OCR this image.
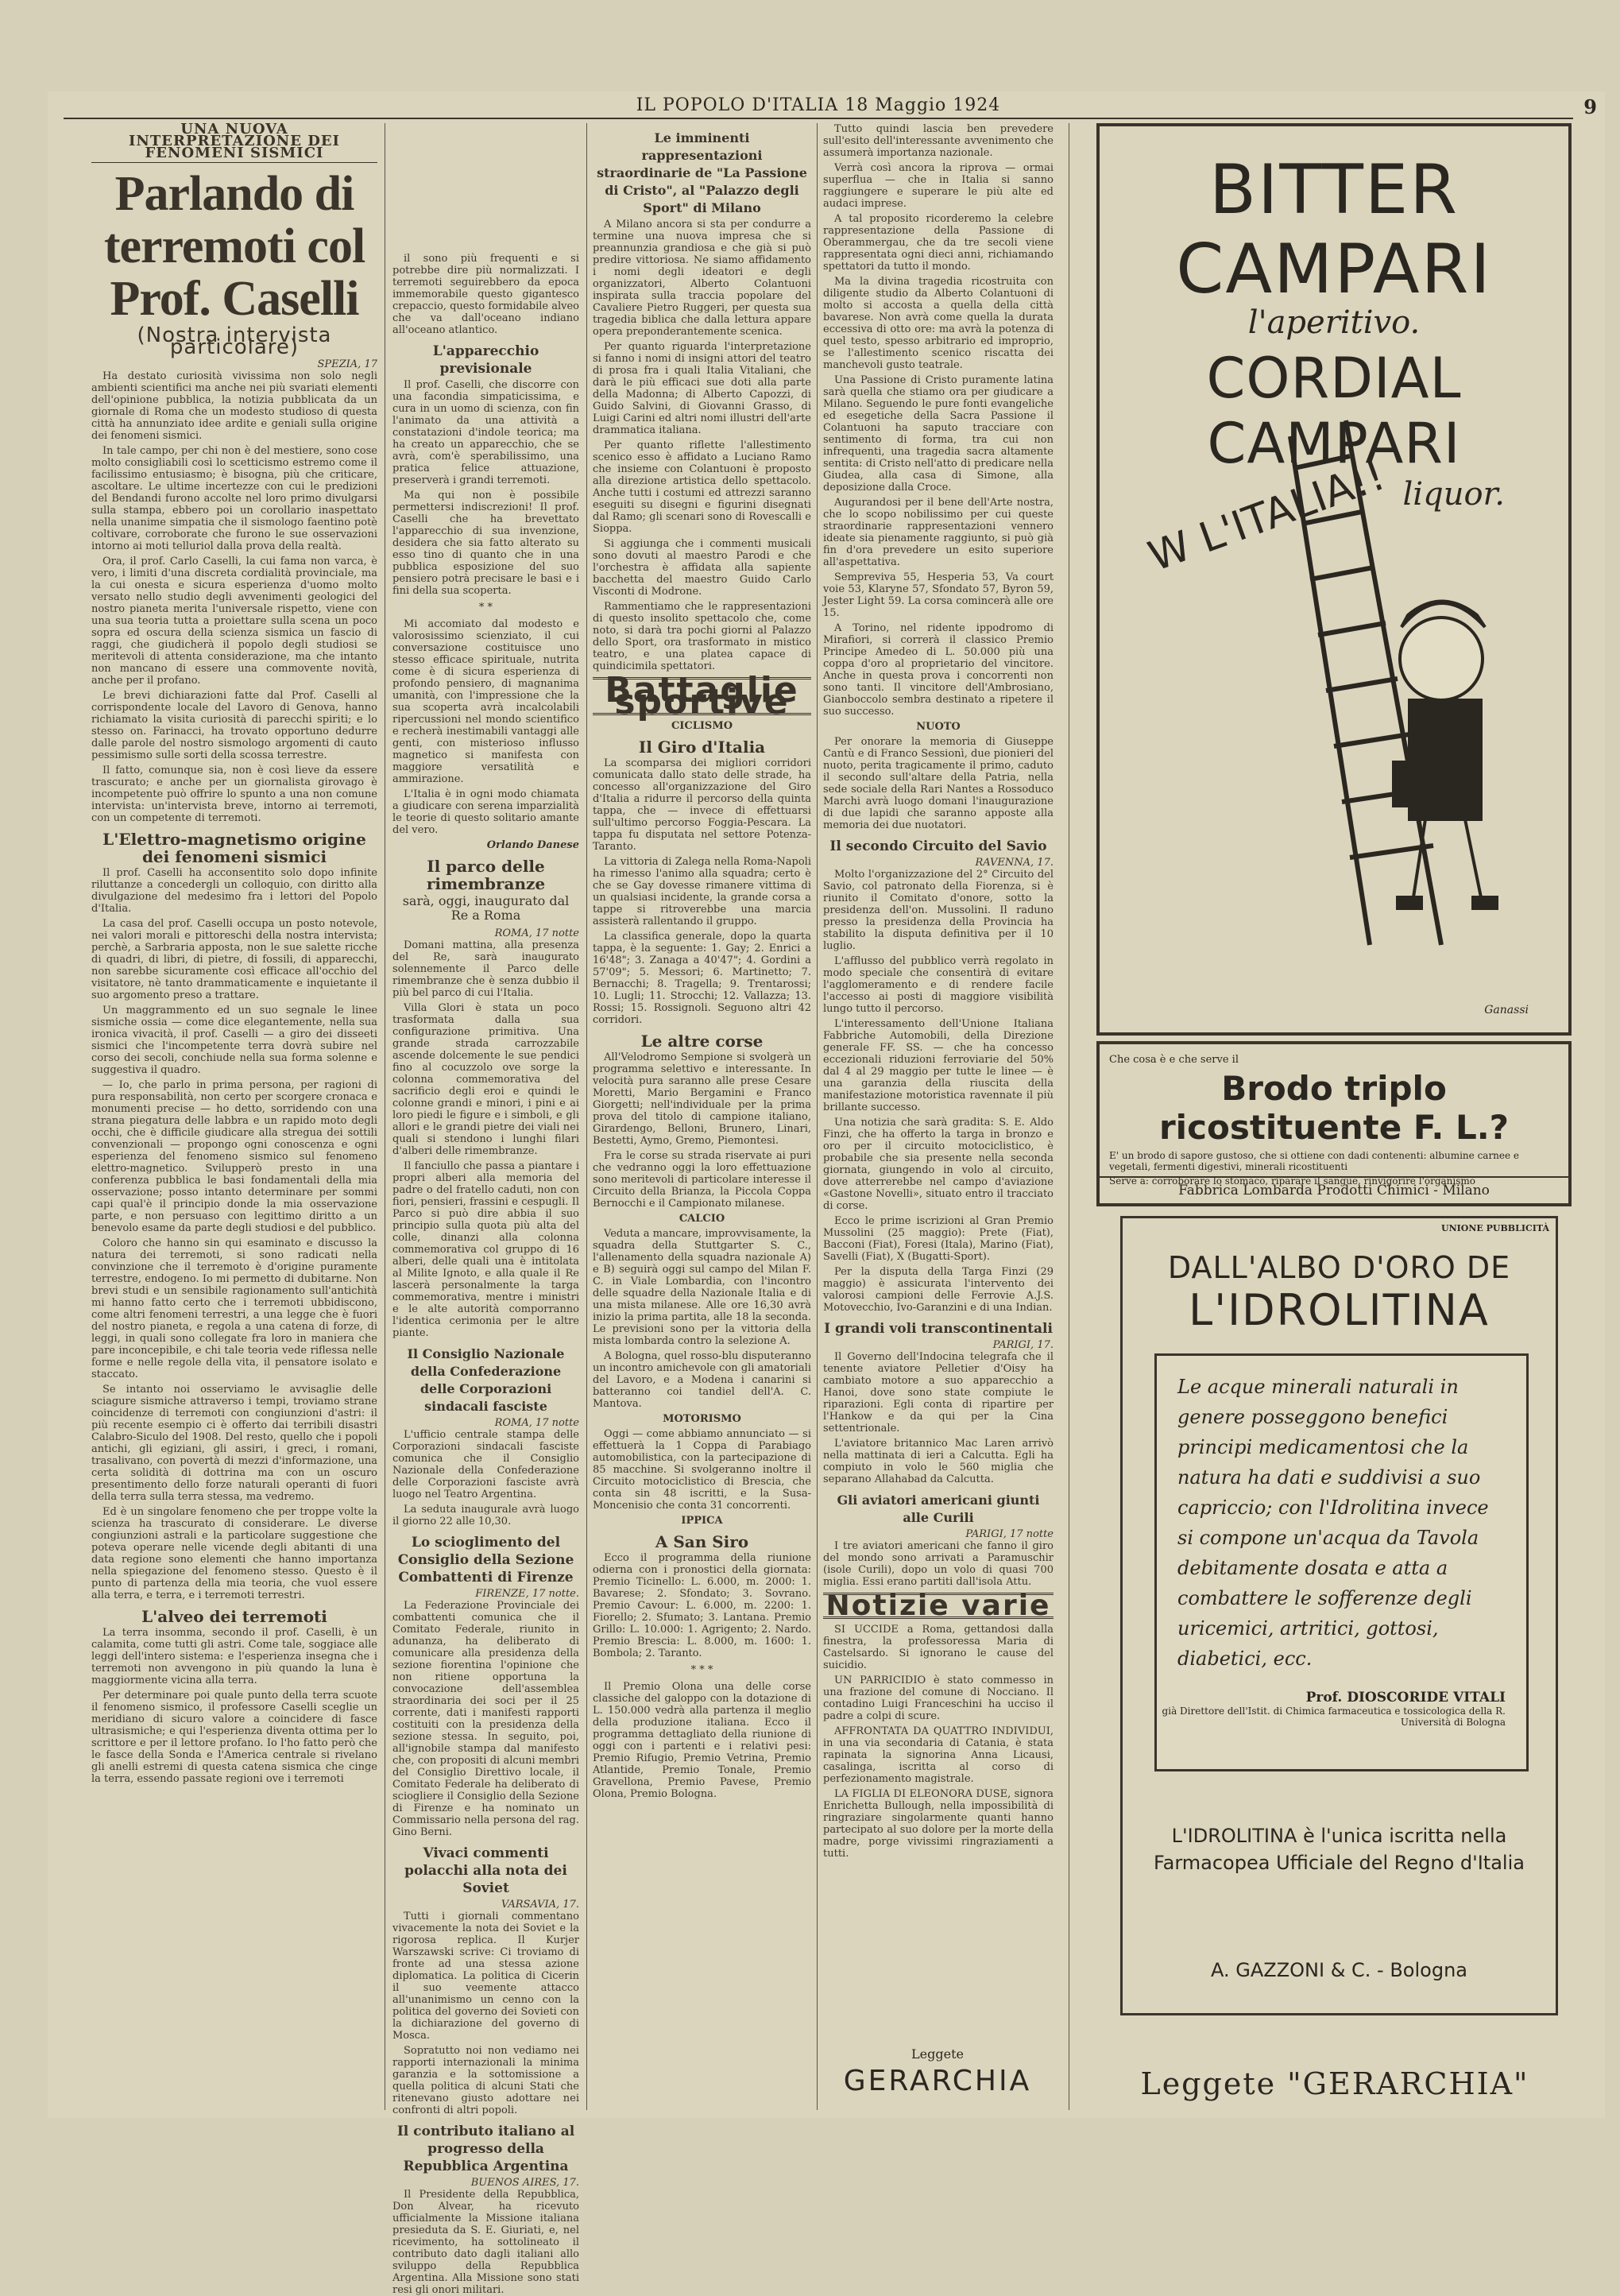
IL POPOLO D'ITALIA 18 Maggio 1924	9
UNA NUOVA INTERPRETAZIONE DEI FENOMENI SISMICI
Parlando di terremoti col Prof. Caselli
(Nostra intervista particolare)
SPEZIA, 17

Ha destato curiosità vivissima non solo negli ambienti scientifici ma anche nei più svariati elementi dell'opinione pubblica, la notizia pubblicata da un giornale di Roma che un modesto studioso di questa città ha annunziato idee ardite e geniali sulla origine dei fenomeni sismici.

In tale campo, per chi non è del mestiere, sono cose molto consigliabili così lo scetticismo estremo come il facilissimo entusiasmo; è bisogna, più che criticare, ascoltare. Le ultime incertezze con cui le predizioni del Bendandi furono accolte nel loro primo divulgarsi sulla stampa, ebbero poi un corollario inaspettato nella unanime simpatia che il sismologo faentino potè coltivare, corroborate che furono le sue osservazioni intorno ai moti telluriol dalla prova della realtà.

Ora, il prof. Carlo Caselli, la cui fama non varca, è vero, i limiti d'una discreta cordialità provinciale, ma la cui onesta e sicura esperienza d'uomo molto versato nello studio degli avvenimenti geologici del nostro pianeta merita l'universale rispetto, viene con una sua teoria tutta a proiettare sulla scena un poco sopra ed oscura della scienza sismica un fascio di raggi, che giudicherà il popolo degli studiosi se meritevoli di attenta considerazione, ma che intanto non mancano di essere una commovente novità, anche per il profano.

Le brevi dichiarazioni fatte dal Prof. Caselli al corrispondente locale del Lavoro di Genova, hanno richiamato la visita curiosità di parecchi spiriti; e lo stesso on. Farinacci, ha trovato opportuno dedurre dalle parole del nostro sismologo argomenti di cauto pessimismo sulle sorti della scossa terrestre.

Il fatto, comunque sia, non è così lieve da essere trascurato; e anche per un giornalista girovago è incompetente può offrire lo spunto a una non comune intervista: un'intervista breve, intorno ai terremoti, con un competente di terremoti.

L'Elettro-magnetismo origine dei fenomeni sismici

Il prof. Caselli ha acconsentito solo dopo infinite riluttanze a concedergli un colloquio, con diritto alla divulgazione del medesimo fra i lettori del Popolo d'Italia.

La casa del prof. Caselli occupa un posto notevole, nei valori morali e pittoreschi della nostra intervista; perchè, a Sarbraria apposta, non le sue salette ricche di quadri, di libri, di pietre, di fossili, di apparecchi, non sarebbe sicuramente così efficace all'occhio del visitatore, nè tanto drammaticamente e inquietante il suo argomento preso a trattare.

Un maggrammento ed un suo segnale le linee sismiche ossia — come dice elegantemente, nella sua ironica vivacità, il prof. Caselli — a giro dei disseeti sismici che l'incompetente terra dovrà subire nel corso dei secoli, conchiude nella sua forma solenne e suggestiva il quadro.

— Io, che parlo in prima persona, per ragioni di pura responsabilità, non certo per scorgere cronaca e monumenti precise — ho detto, sorridendo con una strana piegatura delle labbra e un rapido moto degli occhi, che è difficile giudicare alla stregua dei sottili convenzionali — propongo ogni conoscenza e ogni esperienza del fenomeno sismico sul fenomeno elettro-magnetico. Svilupperò presto in una conferenza pubblica le basi fondamentali della mia osservazione; posso intanto determinare per sommi capi qual'è il principio donde la mia osservazione parte, e non persuaso con legittimo diritto a un benevolo esame da parte degli studiosi e del pubblico.

Coloro che hanno sin qui esaminato e discusso la natura dei terremoti, si sono radicati nella convinzione che il terremoto è d'origine puramente terrestre, endogeno. Io mi permetto di dubitarne. Non brevi studi e un sensibile ragionamento sull'antichità mi hanno fatto certo che i terremoti ubbidiscono, come altri fenomeni terrestri, a una legge che è fuori del nostro pianeta, e regola a una catena di forze, di leggi, in quali sono collegate fra loro in maniera che pare inconcepibile, e chi tale teoria vede riflessa nelle forme e nelle regole della vita, il pensatore isolato e staccato.

Se intanto noi osserviamo le avvisaglie delle sciagure sismiche attraverso i tempi, troviamo strane coincidenze di terremoti con congiunzioni d'astri: il più recente esempio ci è offerto dai terribili disastri Calabro-Siculo del 1908. Del resto, quello che i popoli antichi, gli egiziani, gli assiri, i greci, i romani, trasalivano, con povertà di mezzi d'informazione, una certa solidità di dottrina ma con un oscuro presentimento dello forze naturali operanti di fuori della terra sulla terra stessa, ma vedremo.

Ed è un singolare fenomeno che per troppe volte la scienza ha trascurato di considerare. Le diverse congiunzioni astrali e la particolare suggestione che poteva operare nelle vicende degli abitanti di una data regione sono elementi che hanno importanza nella spiegazione del fenomeno stesso. Questo è il punto di partenza della mia teoria, che vuol essere alla terra, e terra, e i terremoti terrestri.

L'alveo dei terremoti

La terra insomma, secondo il prof. Caselli, è un calamita, come tutti gli astri. Come tale, soggiace alle leggi dell'intero sistema: e l'esperienza insegna che i terremoti non avvengono in più quando la luna è maggiormente vicina alla terra.

Per determinare poi quale punto della terra scuote il fenomeno sismico, il professore Caselli sceglie un meridiano di sicuro valore a coincidere di fasce ultrasismiche; e qui l'esperienza diventa ottima per lo scrittore e per il lettore profano. Io l'ho fatto però che le fasce della Sonda e l'America centrale si rivelano gli anelli estremi di questa catena sismica che cinge la terra, essendo passate regioni ove i terremoti

il sono più frequenti e si potrebbe dire più normalizzati. I terremoti seguirebbero da epoca immemorabile questo gigantesco crepaccio, questo formidabile alveo che va dall'oceano indiano all'oceano atlantico.

L'apparecchio previsionale

Il prof. Caselli, che discorre con una facondia simpaticissima, e cura in un uomo di scienza, con fin l'animato da una attività a constatazioni d'indole teorica; ma ha creato un apparecchio, che se avrà, com'è sperabilissimo, una pratica felice attuazione, preserverà i grandi terremoti.

Ma qui non è possibile permettersi indiscrezioni! Il prof. Caselli che ha brevettato l'apparecchio di sua invenzione, desidera che sia fatto alterato su esso tino di quanto che in una pubblica esposizione del suo pensiero potrà precisare le basi e i fini della sua scoperta.

* *

Mi accomiato dal modesto e valorosissimo scienziato, il cui conversazione costituisce uno stesso efficace spirituale, nutrita come è di sicura esperienza di profondo pensiero, di magnanima umanità, con l'impressione che la sua scoperta avrà incalcolabili ripercussioni nel mondo scientifico e recherà inestimabili vantaggi alle genti, con misterioso influsso magnetico si manifesta con maggiore versatilità e ammirazione.

L'Italia è in ogni modo chiamata a giudicare con serena imparzialità le teorie di questo solitario amante del vero.

Orlando Danese
Il parco delle rimembranze
sarà, oggi, inaugurato dal Re a Roma
ROMA, 17 notte

Domani mattina, alla presenza del Re, sarà inaugurato solennemente il Parco delle rimembranze che è senza dubbio il più bel parco di cui l'Italia.

Villa Glori è stata un poco trasformata dalla sua configurazione primitiva. Una grande strada carrozzabile ascende dolcemente le sue pendici fino al cocuzzolo ove sorge la colonna commemorativa del sacrificio degli eroi e quindi le colonne grandi e minori, i pini e ai loro piedi le figure e i simboli, e gli allori e le grandi pietre dei viali nei quali si stendono i lunghi filari d'alberi delle rimembranze.

Il fanciullo che passa a piantare i propri alberi alla memoria del padre o del fratello caduti, non con fiori, pensieri, frassini e cespugli. Il Parco si può dire abbia il suo principio sulla quota più alta del colle, dinanzi alla colonna commemorativa col gruppo di 16 alberi, delle quali una è intitolata al Milite Ignoto, e alla quale il Re lascerà personalmente la targa commemorativa, mentre i ministri e le alte autorità comporranno l'identica cerimonia per le altre piante.

Il Consiglio Nazionale della Confederazione delle Corporazioni sindacali fasciste
ROMA, 17 notte

L'ufficio centrale stampa delle Corporazioni sindacali fasciste comunica che il Consiglio Nazionale della Confederazione delle Corporazioni fasciste avrà luogo nel Teatro Argentina.

La seduta inaugurale avrà luogo il giorno 22 alle 10,30.

Lo scioglimento del Consiglio della Sezione Combattenti di Firenze
FIRENZE, 17 notte.

La Federazione Provinciale dei combattenti comunica che il Comitato Federale, riunito in adunanza, ha deliberato di comunicare alla presidenza della sezione fiorentina l'opinione che non ritiene opportuna la convocazione dell'assemblea straordinaria dei soci per il 25 corrente, dati i manifesti rapporti costituiti con la presidenza della sezione stessa. In seguito, poi, all'ignobile stampa dal manifesto che, con propositi di alcuni membri del Consiglio Direttivo locale, il Comitato Federale ha deliberato di sciogliere il Consiglio della Sezione di Firenze e ha nominato un Commissario nella persona del rag. Gino Berni.

Vivaci commenti polacchi alla nota dei Soviet
VARSAVIA, 17.

Tutti i giornali commentano vivacemente la nota dei Soviet e la rigorosa replica. Il Kurjer Warszawski scrive: Ci troviamo di fronte ad una stessa azione diplomatica. La politica di Cicerin il suo veemente attacco all'unanimismo un cenno con la politica del governo dei Sovieti con la dichiarazione del governo di Mosca.

Sopratutto noi non vediamo nei rapporti internazionali la minima garanzia e la sottomissione a quella politica di alcuni Stati che ritenevano giusto adottare nei confronti di altri popoli.

Il contributo italiano al progresso della Repubblica Argentina
BUENOS AIRES, 17.

Il Presidente della Repubblica, Don Alvear, ha ricevuto ufficialmente la Missione italiana presieduta da S. E. Giuriati, e, nel ricevimento, ha sottolineato il contributo dato dagli italiani allo sviluppo della Repubblica Argentina. Alla Missione sono stati resi gli onori militari.

Le imminenti rappresentazioni straordinarie de "La Passione di Cristo", al "Palazzo degli Sport" di Milano

A Milano ancora si sta per condurre a termine una nuova impresa che si preannunzia grandiosa e che già si può predire vittoriosa. Ne siamo affidamento i nomi degli ideatori e degli organizzatori, Alberto Colantuoni inspirata sulla traccia popolare del Cavaliere Pietro Ruggeri, per questa sua tragedia biblica che dalla lettura appare opera preponderantemente scenica.

Per quanto riguarda l'interpretazione si fanno i nomi di insigni attori del teatro di prosa fra i quali Italia Vitaliani, che darà le più efficaci sue doti alla parte della Madonna; di Alberto Capozzi, di Guido Salvini, di Giovanni Grasso, di Luigi Carini ed altri nomi illustri dell'arte drammatica italiana.

Per quanto riflette l'allestimento scenico esso è affidato a Luciano Ramo che insieme con Colantuoni è proposto alla direzione artistica dello spettacolo. Anche tutti i costumi ed attrezzi saranno eseguiti su disegni e figurini disegnati dal Ramo; gli scenari sono di Rovescalli e Sioppa.

Si aggiunga che i commenti musicali sono dovuti al maestro Parodi e che l'orchestra è affidata alla sapiente bacchetta del maestro Guido Carlo Visconti di Modrone.

Rammentiamo che le rappresentazioni di questo insolito spettacolo che, come noto, si darà tra pochi giorni al Palazzo dello Sport, ora trasformato in mistico teatro, e una platea capace di quindicimila spettatori.

Battaglie sportive
CICLISMO
Il Giro d'Italia

La scomparsa dei migliori corridori comunicata dallo stato delle strade, ha concesso all'organizzazione del Giro d'Italia a ridurre il percorso della quinta tappa, che — invece di effettuarsi sull'ultimo percorso Foggia-Pescara. La tappa fu disputata nel settore Potenza-Taranto.

La vittoria di Zalega nella Roma-Napoli ha rimesso l'animo alla squadra; certo è che se Gay dovesse rimanere vittima di un qualsiasi incidente, la grande corsa a tappe si ritroverebbe una marcia assisterà rallentando il gruppo.

La classifica generale, dopo la quarta tappa, è la seguente: 1. Gay; 2. Enrici a 16'48"; 3. Zanaga a 40'47"; 4. Gordini a 57'09"; 5. Messori; 6. Martinetto; 7. Bernacchi; 8. Tragella; 9. Trentarossi; 10. Lugli; 11. Strocchi; 12. Vallazza; 13. Rossi; 15. Rossignoli. Seguono altri 42 corridori.

Le altre corse

All'Velodromo Sempione si svolgerà un programma selettivo e interessante. In velocità pura saranno alle prese Cesare Moretti, Mario Bergamini e Franco Giorgetti; nell'individuale per la prima prova del titolo di campione italiano, Girardengo, Belloni, Brunero, Linari, Bestetti, Aymo, Gremo, Piemontesi.

Fra le corse su strada riservate ai puri che vedranno oggi la loro effettuazione sono meritevoli di particolare interesse il Circuito della Brianza, la Piccola Coppa Bernocchi e il Campionato milanese.

CALCIO

Veduta a mancare, improvvisamente, la squadra della Stuttgarter S. C., l'allenamento della squadra nazionale A) e B) seguirà oggi sul campo del Milan F. C. in Viale Lombardia, con l'incontro delle squadre della Nazionale Italia e di una mista milanese. Alle ore 16,30 avrà inizio la prima partita, alle 18 la seconda. Le previsioni sono per la vittoria della mista lombarda contro la selezione A.

A Bologna, quel rosso-blu disputeranno un incontro amichevole con gli amatoriali del Lavoro, e a Modena i canarini si batteranno coi tandiel dell'A. C. Mantova.

MOTORISMO

Oggi — come abbiamo annunciato — si effettuerà la 1 Coppa di Parabiago automobilistica, con la partecipazione di 85 macchine. Si svolgeranno inoltre il Circuito motociclistico di Brescia, che conta sin 48 iscritti, e la Susa-Moncenisio che conta 31 concorrenti.

IPPICA
A San Siro

Ecco il programma della riunione odierna con i pronostici della giornata: Premio Ticinello: L. 6.000, m. 2000: 1. Bavarese; 2. Sfondato; 3. Sovrano. Premio Cavour: L. 6.000, m. 2200: 1. Fiorello; 2. Sfumato; 3. Lantana. Premio Grillo: L. 10.000: 1. Agrigento; 2. Nardo. Premio Brescia: L. 8.000, m. 1600: 1. Bombola; 2. Taranto.

* * *

Il Premio Olona una delle corse classiche del galoppo con la dotazione di L. 150.000 vedrà alla partenza il meglio della produzione italiana. Ecco il programma dettagliato della riunione di oggi con i partenti e i relativi pesi: Premio Rifugio, Premio Vetrina, Premio Atlantide, Premio Tonale, Premio Gravellona, Premio Pavese, Premio Olona, Premio Bologna.

Tutto quindi lascia ben prevedere sull'esito dell'interessante avvenimento che assumerà importanza nazionale.

Verrà così ancora la riprova — ormai superflua — che in Italia si sanno raggiungere e superare le più alte ed audaci imprese.

A tal proposito ricorderemo la celebre rappresentazione della Passione di Oberammergau, che da tre secoli viene rappresentata ogni dieci anni, richiamando spettatori da tutto il mondo.

Ma la divina tragedia ricostruita con diligente studio da Alberto Colantuoni di molto si accosta a quella della città bavarese. Non avrà come quella la durata eccessiva di otto ore: ma avrà la potenza di quel testo, spesso arbitrario ed improprio, se l'allestimento scenico riscatta dei manchevoli gusto teatrale.

Una Passione di Cristo puramente latina sarà quella che stiamo ora per giudicare a Milano. Seguendo le pure fonti evangeliche ed esegetiche della Sacra Passione il Colantuoni ha saputo tracciare con sentimento di forma, tra cui non infrequenti, una tragedia sacra altamente sentita: di Cristo nell'atto di predicare nella Giudea, alla casa di Simone, alla deposizione dalla Croce.

Augurandosi per il bene dell'Arte nostra, che lo scopo nobilissimo per cui queste straordinarie rappresentazioni vennero ideate sia pienamente raggiunto, si può già fin d'ora prevedere un esito superiore all'aspettativa.

Sempreviva 55, Hesperia 53, Va court voie 53, Klaryne 57, Sfondato 57, Byron 59, Jester Light 59. La corsa comincerà alle ore 15.

A Torino, nel ridente ippodromo di Mirafiori, si correrà il classico Premio Principe Amedeo di L. 50.000 più una coppa d'oro al proprietario del vincitore. Anche in questa prova i concorrenti non sono tanti. Il vincitore dell'Ambrosiano, Gianboccolo sembra destinato a ripetere il suo successo.

NUOTO

Per onorare la memoria di Giuseppe Cantù e di Franco Sessionì, due pionieri del nuoto, perita tragicamente il primo, caduto il secondo sull'altare della Patria, nella sede sociale della Rari Nantes a Rossoduco Marchi avrà luogo domani l'inaugurazione di due lapidi che saranno apposte alla memoria dei due nuotatori.

Il secondo Circuito del Savio
RAVENNA, 17.

Molto l'organizzazione del 2° Circuito del Savio, col patronato della Fiorenza, si è riunito il Comitato d'onore, sotto la presidenza dell'on. Mussolini. Il raduno presso la presidenza della Provincia ha stabilito la disputa definitiva per il 10 luglio.

L'afflusso del pubblico verrà regolato in modo speciale che consentirà di evitare l'agglomeramento e di rendere facile l'accesso ai posti di maggiore visibilità lungo tutto il percorso.

L'interessamento dell'Unione Italiana Fabbriche Automobili, della Direzione generale FF. SS. — che ha concesso eccezionali riduzioni ferroviarie del 50% dal 4 al 29 maggio per tutte le linee — è una garanzia della riuscita della manifestazione motoristica ravennate il più brillante successo.

Una notizia che sarà gradita: S. E. Aldo Finzi, che ha offerto la targa in bronzo e oro per il circuito motociclistico, è probabile che sia presente nella seconda giornata, giungendo in volo al circuito, dove atterrerebbe nel campo d'aviazione «Gastone Novelli», situato entro il tracciato di corse.

Ecco le prime iscrizioni al Gran Premio Mussolini (25 maggio): Prete (Fiat), Bacconi (Fiat), Foresi (Itala), Marino (Fiat), Savelli (Fiat), X (Bugatti-Sport).

Per la disputa della Targa Finzi (29 maggio) è assicurata l'intervento dei valorosi campioni delle Ferrovie A.J.S. Motovecchio, Ivo-Garanzini e di una Indian.

I grandi voli transcontinentali
PARIGI, 17.

Il Governo dell'Indocina telegrafa che il tenente aviatore Pelletier d'Oisy ha cambiato motore a suo apparecchio a Hanoi, dove sono state compiute le riparazioni. Egli conta di ripartire per l'Hankow e da qui per la Cina settentrionale.

L'aviatore britannico Mac Laren arrivò nella mattinata di ieri a Calcutta. Egli ha compiuto in volo le 560 miglia che separano Allahabad da Calcutta.

Gli aviatori americani giunti alle Curili
PARIGI, 17 notte

I tre aviatori americani che fanno il giro del mondo sono arrivati a Paramuschir (isole Curili), dopo un volo di quasi 700 miglia. Essi erano partiti dall'isola Attu.

Notizie varie

SI UCCIDE a Roma, gettandosi dalla finestra, la professoressa Maria di Castelsardo. Si ignorano le cause del suicidio.

UN PARRICIDIO è stato commesso in una frazione del comune di Nocciano. Il contadino Luigi Franceschini ha ucciso il padre a colpi di scure.

AFFRONTATA DA QUATTRO INDIVIDUI, in una via secondaria di Catania, è stata rapinata la signorina Anna Licausi, casalinga, iscritta al corso di perfezionamento magistrale.

LA FIGLIA DI ELEONORA DUSE, signora Enrichetta Bullough, nella impossibilità di ringraziare singolarmente quanti hanno partecipato al suo dolore per la morte della madre, porge vivissimi ringraziamenti a tutti.

Leggete
GERARCHIA
BITTER CAMPARI
l'aperitivo.
CORDIAL CAMPARI
liquor.
W L'ITALIA!!
Ganassi
Che cosa è e che serve il
Brodo triplo ricostituente F. L.?
E' un brodo di sapore gustoso, che si ottiene con dadi contenenti: albumine carnee e vegetali, fermenti digestivi, minerali ricostituenti
Serve a: corroborare lo stomaco, riparare il sangue, rinvigorire l'organismo
Fabbrica Lombarda Prodotti Chimici - Milano
UNIONE PUBBLICITÀ
DALL'ALBO D'ORO DE
L'IDROLITINA
Le acque minerali naturali in genere posseggono benefici principi medicamentosi che la natura ha dati e suddivisi a suo capriccio; con l'Idrolitina invece si compone un'acqua da Tavola debitamente dosata e atta a combattere le sofferenze degli uricemici, artritici, gottosi, diabetici, ecc.
Prof. DIOSCORIDE VITALI
già Direttore dell'Istit. di Chimica farmaceutica e tossicologica della R. Università di Bologna
L'IDROLITINA è l'unica iscritta nella Farmacopea Ufficiale del Regno d'Italia
A. GAZZONI & C. - Bologna
Leggete "GERARCHIA"
